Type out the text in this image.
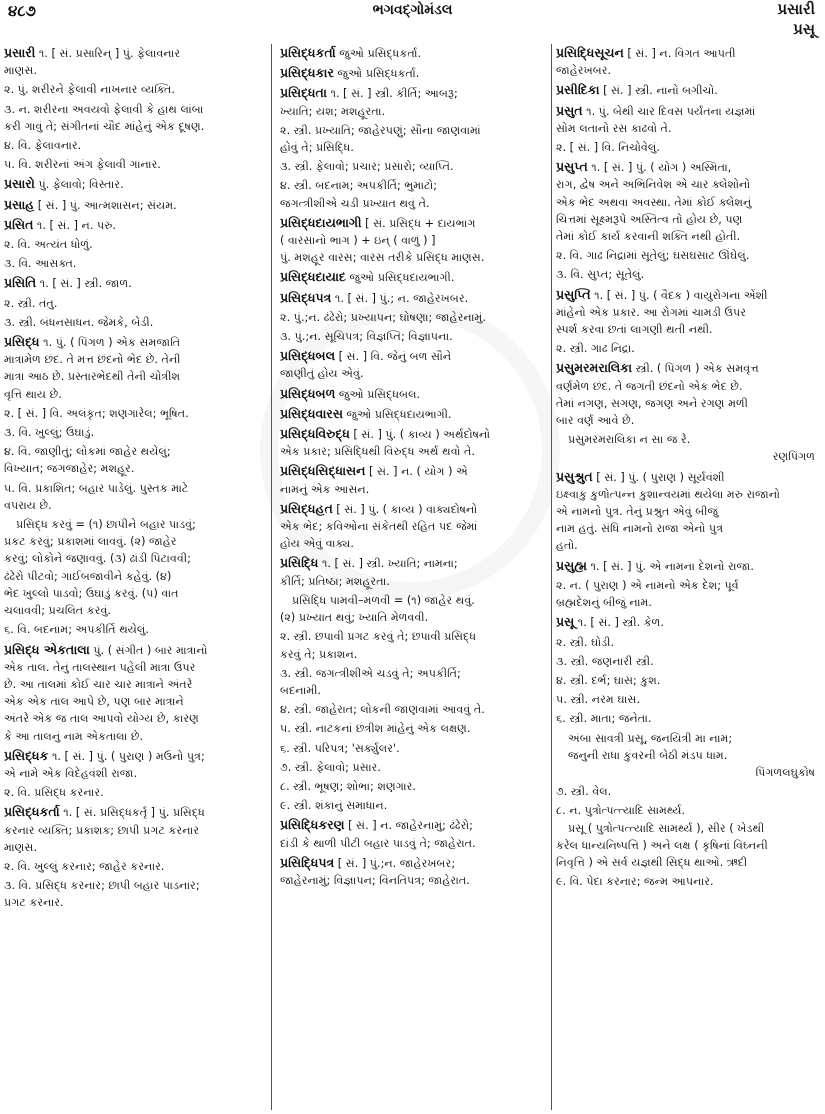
૪૮૭	ભગવદ્ગોમંડલ	પ્રસારી
પ્રસૂ
પ્રસારી ૧. [ સં. પ્રસારિન્ ] પું. ફેલાવનાર
માણસ.
૨. પું. શરીરને ફેલાવી નાખનાર વ્યક્તિ.
૩. ન. શરીરના અવયવો ફેલાવી કે હાથ લાંબા
કરી ગાવું તે; સંગીતનાં ચૌદ માંહેનું એક દૂષણ.
૪. વિ. ફેલાવનાર.
૫. વિ. શરીરનાં અંગ ફેલાવી ગાનાર.
પ્રસારો પું. ફેલાવો; વિસ્તાર.
પ્રસાહ [ સં. ] પું. આત્મશાસન; સંયમ.
પ્રસિત ૧. [ સં. ] ન. પરુ.
૨. વિ. અત્યંત ધોળું.
૩. વિ. આસક્ત.
પ્રસિતિ ૧. [ સં. ] સ્ત્રી. જાળ.
૨. સ્ત્રી. તંતુ.
૩. સ્ત્રી. બંધનસાધન. જેમકે, બેડી.
પ્રસિદ્ધ ૧. પું. ( પિંગળ ) એક સમજાતિ
માત્રામેળ છંદ. તે મત્ત છંદનો ભેદ છે. તેની
માત્રા આઠ છે. પ્રસ્તારભેદથી તેની ચોત્રીશ
વૃત્તિ થાય છે.
૨. [ સં. ] વિ. અલંકૃત; શણગારેલ; ભૂષિત.
૩. વિ. ખુલ્લું; ઉઘાડું.
૪. વિ. જાણીતું; લોકમાં જાહેર થયેલું;
વિખ્યાત; જગજાહેર; મશહૂર.
૫. વિ. પ્રકાશિત; બહાર પાડેલું. પુસ્તક માટે
વપરાય છે.
પ્રસિદ્ધ કરવું = (૧) છાપીને બહાર પાડવું;
પ્રકટ કરવું; પ્રકાશમાં લાવવું. (૨) જાહેર
કરવું; લોકોને જણાવવું. (૩) ઢાંડી પિટાવવી;
ઢંઢેરો પીટવો; ગાઈબજાવીને કહેવું. (૪)
ભેદ ખુલ્લો પાડવો; ઉઘાડું કરવું. (૫) વાત
ચલાવવી; પ્રચલિત કરવું.
૬. વિ. બદનામ; અપકીર્તિ થયેલું.
પ્રસિદ્ધ એકતાલા પું. ( સંગીત ) બાર માત્રાનો
એક તાલ. તેનું તાલસ્થાન પહેલી માત્રા ઉપર
છે. આ તાલમાં કોઈ ચાર ચાર માત્રાને અંતરે
એક એક તાલ આપે છે, પણ બાર માત્રાને
અંતરે એક જ તાલ આપવો યોગ્ય છે, કારણ
કે આ તાલનું નામ એકતાલા છે.
પ્રસિદ્ધક ૧. [ સં. ] પું. ( પુરાણ ) મઉનો પુત્ર;
એ નામે એક વિદેહવંશી રાજા.
૨. વિ. પ્રસિદ્ધ કરનાર.
પ્રસિદ્ધકર્તા ૧. [ સં. પ્રસિદ્ધકર્તૃ ] પું. પ્રસિદ્ધ
કરનાર વ્યક્તિ; પ્રકાશક; છાપી પ્રગટ કરનાર
માણસ.
૨. વિ. ખુલ્લું કરનાર; જાહેર કરનાર.
૩. વિ. પ્રસિદ્ધ કરનાર; છાપી બહાર પાડનાર;
પ્રગટ કરનાર.
પ્રસિદ્ધકર્તા જુઓ પ્રસિદ્ધકર્તા.
પ્રસિદ્ધકાર જુઓ પ્રસિદ્ધકર્તા.
પ્રસિદ્ધતા ૧. [ સં. ] સ્ત્રી. કીર્તિ; આબરૂ;
ખ્યાતિ; યશ; મશહૂરતા.
૨. સ્ત્રી. પ્રખ્યાતિ; જાહેરપણું; સૌના જાણવામાં
હોવું તે; પ્રસિદ્ધિ.
૩. સ્ત્રી. ફેલાવો; પ્રચાર; પ્રસારો; વ્યાપ્તિ.
૪. સ્ત્રી. બદનામ; અપકીર્તિ; ભુમાટો;
જગત્ત્રીશીએ ચડી પ્રખ્યાત થવું તે.
પ્રસિદ્ધદાયભાગી [ સં. પ્રસિદ્ધ + દાયભાગ
( વારસાનો ભાગ ) + ઇન્ ( વાળું ) ]
પું. મશહૂર વારસ; વારસ તરીકે પ્રસિદ્ધ માણસ.
પ્રસિદ્ધદાયાદ જુઓ પ્રસિદ્ધદાયભાગી.
પ્રસિદ્ધપત્ર ૧. [ સં. ] પું.; ન. જાહેરખબર.
૨. પું.;ન. ઢંઢેરો; પ્રખ્યાપન; ઘોષણા; જાહેરનામું.
૩. પું.;ન. સૂચિપત્ર; વિજ્ઞપ્તિ; વિજ્ઞાપના.
પ્રસિદ્ધબલ [ સં. ] વિ. જેનું બળ સૌને
જાણીતું હોય એવું.
પ્રસિદ્ધબળ જુઓ પ્રસિદ્ધબલ.
પ્રસિદ્ધવારસ જુઓ પ્રસિદ્ધદાયભાગી.
પ્રસિદ્ધવિરુદ્ધ [ સં. ] પું. ( કાવ્ય ) અર્થદોષનો
એક પ્રકાર; પ્રસિદ્ધિથી વિરુદ્ધ અર્થ થવો તે.
પ્રસિદ્ધસિદ્ધાસન [ સં. ] ન. ( યોગ ) એ
નામનું એક આસન.
પ્રસિદ્ધહત [ સં. ] પું. ( કાવ્ય ) વાક્યદોષનો
એક ભેદ; કવિઓના સંકેતથી રહિત પદ જેમાં
હોય એવું વાક્ય.
પ્રસિદ્ધિ ૧. [ સં. ] સ્ત્રી. ખ્યાતિ; નામના;
કીર્તિ; પ્રતિષ્ઠા; મશહૂરતા.
પ્રસિદ્ધિ પામવી–મળવી = (૧) જાહેર થવું.
(૨) પ્રખ્યાત થવું; ખ્યાતિ મેળવવી.
૨. સ્ત્રી. છપાવી પ્રગટ કરવું તે; છપાવી પ્રસિદ્ધ
કરવું તે; પ્રકાશન.
૩. સ્ત્રી. જગત્ત્રીશીએ ચડવું તે; અપકીર્તિ;
બદનામી.
૪. સ્ત્રી. જાહેરાત; લોકની જાણવામાં આવવું તે.
૫. સ્ત્રી. નાટકનાં છત્રીશ માંહેનું એક લક્ષણ.
૬. સ્ત્રી. પરિપત્ર; 'સર્ક્યુલર'.
૭. સ્ત્રી. ફેલાવો; પ્રસાર.
૮. સ્ત્રી. ભૂષણ; શોભા; શણગાર.
૯. સ્ત્રી. શંકાનું સમાધાન.
પ્રસિદ્ધિકરણ [ સં. ] ન. જાહેરનામું; ઢંઢેરો;
દાંડી કે થાળી પીટી બહાર પાડવું તે; જાહેરાત.
પ્રસિદ્ધિપત્ર [ સં. ] પું.;ન. જાહેરખબર;
જાહેરનામું; વિજ્ઞાપન; વિનતિપત્ર; જાહેરાત.
પ્રસિદ્ધિસૂચન [ સં. ] ન. વિગત આપતી
જાહેરખબર.
પ્રસીદિકા [ સં. ] સ્ત્રી. નાનો બગીચો.
પ્રસુત ૧. પું. બેથી ચાર દિવસ પર્યંતના યજ્ઞમાં
સોમ લતાનો રસ કાઢવો તે.
૨. [ સં. ] વિ. નિચોવેલું.
પ્રસુપ્ત ૧. [ સં. ] પું. ( યોગ ) અસ્મિતા,
રાગ, દ્વેષ અને અભિનિવેશ એ ચાર ક્લેશોનો
એક ભેદ અથવા અવસ્થા. તેમાં કોઈ ક્લેશનું
ચિત્તમાં સૂક્ષ્મરૂપે અસ્તિત્વ તો હોય છે, પણ
તેમાં કોઈ કાર્ય કરવાની શક્તિ નથી હોતી.
૨. વિ. ગાઢ નિદ્રામાં સૂતેલું; ઘસઘસાટ ઊંઘેલું.
૩. વિ. સુપ્ત; સૂતેલું.
પ્રસુપ્તિ ૧. [ સં. ] પું. ( વૈદક ) વાયુરોગના એંશી
માંહેનો એક પ્રકાર. આ રોગમાં ચામડી ઉપર
સ્પર્શ કરવા છતાં લાગણી થતી નથી.
૨. સ્ત્રી. ગાઢ નિદ્રા.
પ્રસુમરમરાલિકા સ્ત્રી. ( પિંગળ ) એક સમવૃત્ત
વર્ણમેળ છંદ. તે જગતી છંદનો એક ભેદ છે.
તેમાં નગણ, સગણ, જગણ અને રગણ મળી
બાર વર્ણ આવે છે.
પ્રસુમરમરાલિકા ન સા જ રે.
રણપિંગળ
પ્રસુશ્રુત [ સં. ] પું. ( પુરાણ ) સૂર્યવંશી
ઇક્ષ્વાકુ કુળોત્પન્ન કુશાન્વયમાં થયેલા મરુ રાજાનો
એ નામનો પુત્ર. તેનું પ્રશ્રુત એવું બીજું
નામ હતું. સંધિ નામનો રાજા એનો પુત્ર
હતો.
પ્રસુહ્મ ૧. [ સં. ] પું. એ નામના દેશનો રાજા.
૨. ન. ( પુરાણ ) એ નામનો એક દેશ; પૂર્વ
બ્રહ્મદેશનું બીજું નામ.
પ્રસૂ ૧. [ સં. ] સ્ત્રી. કેળ.
૨. સ્ત્રી. ઘોડી.
૩. સ્ત્રી. જણનારી સ્ત્રી.
૪. સ્ત્રી. દર્ભ; ઘાસ; કુશ.
૫. સ્ત્રી. નરમ ઘાસ.
૬. સ્ત્રી. માતા; જનેતા.
અંબા સાવત્રી પ્રસૂ, જનયિત્રી મા નામ;
જનુની રાધા કુંવરની બેઠી મંડપ ધામ.
પિંગળલઘુકોષ
૭. સ્ત્રી. વેલ.
૮. ન. પુત્રોત્પત્ત્યાદિ સામર્થ્ય.
પ્રસૂ ( પુત્રોત્પત્ત્યાદિ સામર્થ્ય ), સીર ( ખેડથી
કરેલ ધાન્યનિષ્પત્તિ ) અને લક્ષ ( કૃષિનાં વિઘ્નની
નિવૃત્તિ ) એ સર્વ યજ્ઞથી સિદ્ધ થાઓ. ઋદી
૯. વિ. પેદા કરનાર; જન્મ આપનાર.
